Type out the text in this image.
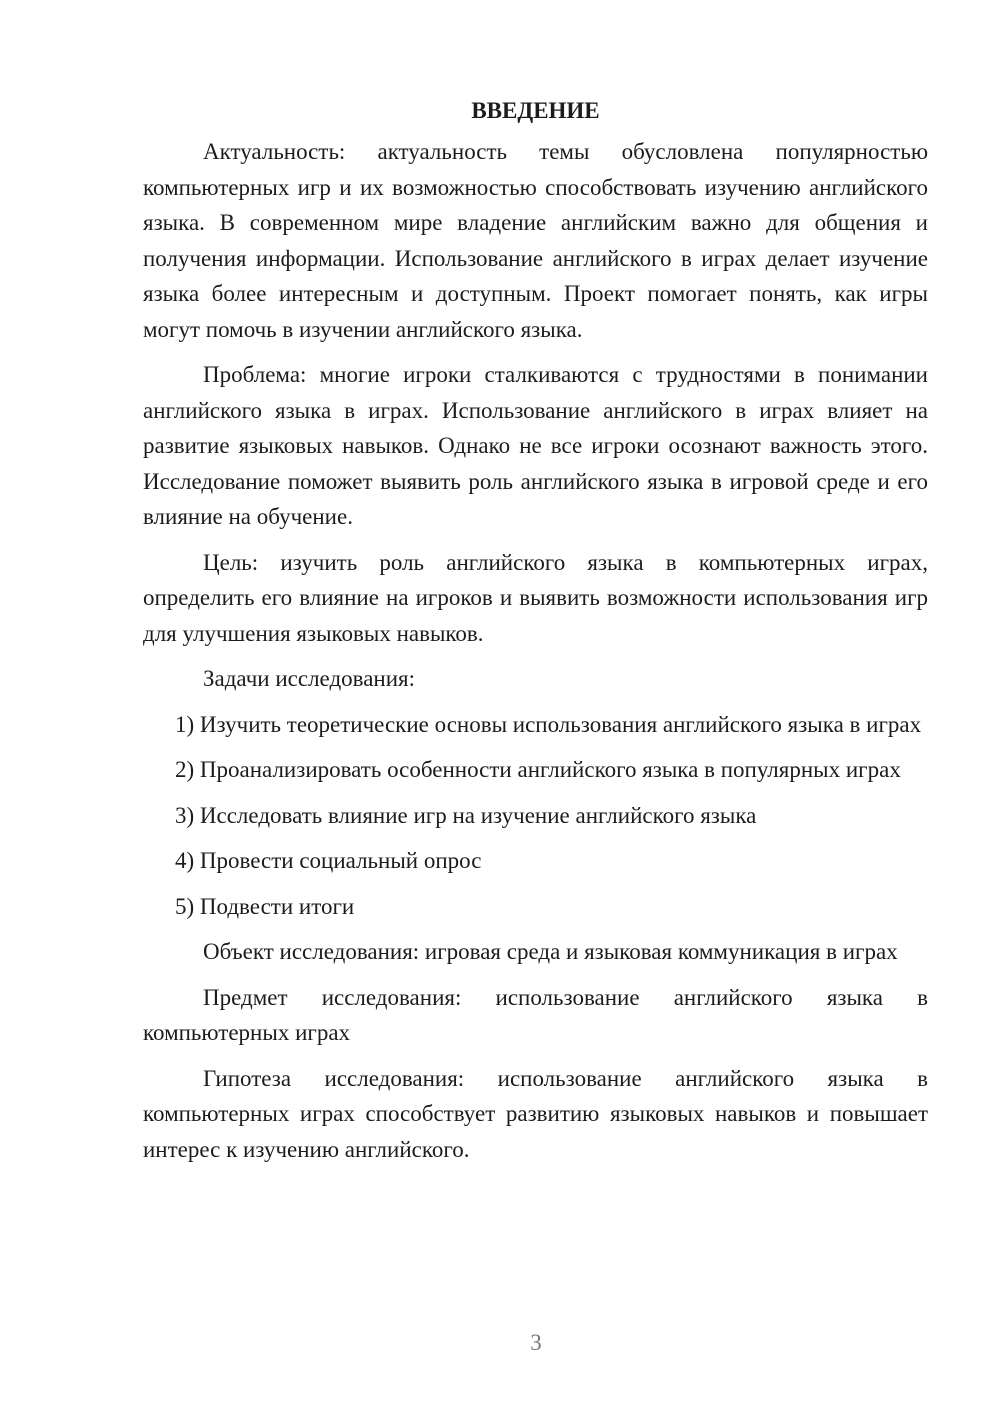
ВВЕДЕНИЕ

Актуальность: актуальность темы обусловлена популярностью компьютерных игр и их возможностью способствовать изучению английского языка. В современном мире владение английским важно для общения и получения информации. Использование английского в играх делает изучение языка более интересным и доступным. Проект помогает понять, как игры могут помочь в изучении английского языка.

Проблема: многие игроки сталкиваются с трудностями в понимании английского языка в играх. Использование английского в играх влияет на развитие языковых навыков. Однако не все игроки осознают важность этого. Исследование поможет выявить роль английского языка в игровой среде и его влияние на обучение.

Цель: изучить роль английского языка в компьютерных играх, определить его влияние на игроков и выявить возможности использования игр для улучшения языковых навыков.

Задачи исследования:

1) Изучить теоретические основы использования английского языка в играх

2) Проанализировать особенности английского языка в популярных играх

3) Исследовать влияние игр на изучение английского языка

4) Провести социальный опрос

5) Подвести итоги

Объект исследования: игровая среда и языковая коммуникация в играх

Предмет исследования: использование английского языка в компьютерных играх

Гипотеза исследования: использование английского языка в компьютерных играх способствует развитию языковых навыков и повышает интерес к изучению английского.

3
